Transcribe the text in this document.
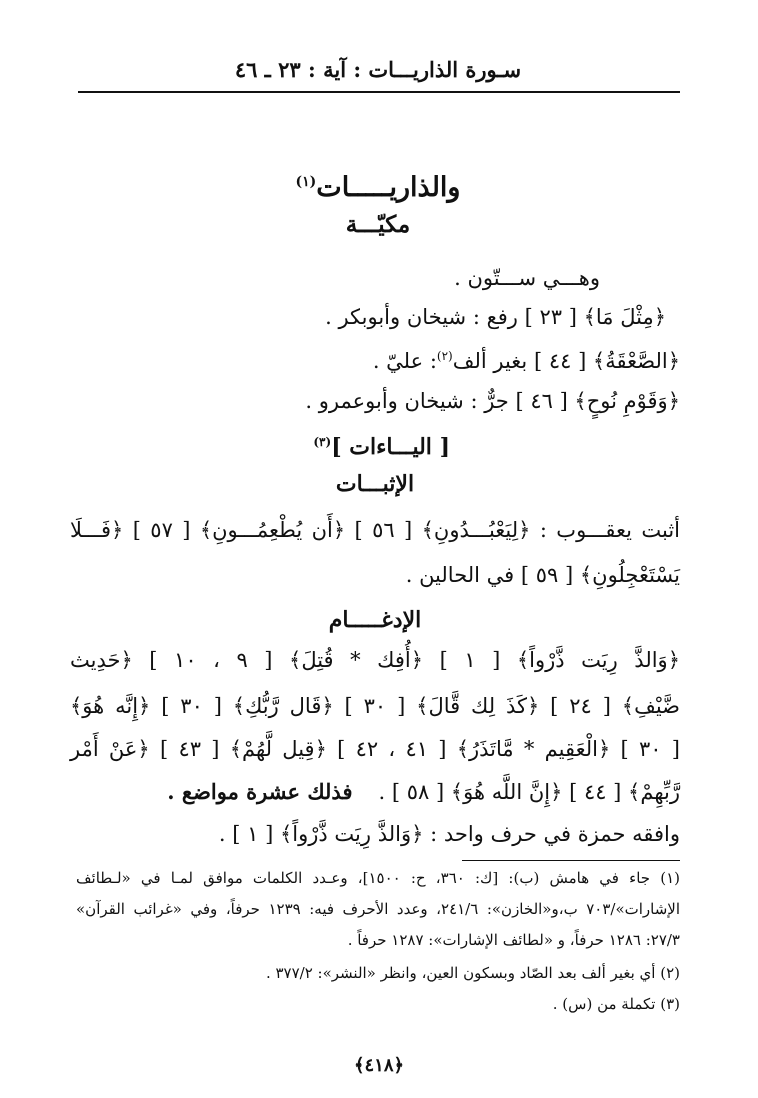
سـورة الذاريـــات : آية : ٢٣ ـ ٤٦
والذاريـــــات$^{(١)}$
مكيّـــة
وهـــي ســـتّون .
﴿مِثْلَ مَا﴾ [ ٢٣ ] رفع : شيخان وأبوبكر .
﴿الصَّعْقَةُ﴾ [ ٤٤ ] بغير ألف$^{(٢)}$: عليّ .
﴿وَقَوْمِ نُوحٍ﴾ [ ٤٦ ] جرٌّ : شيخان وأبوعمرو .
[ اليـــاءات ]$^{(٣)}$
الإثبـــات
أثبت يعقـــوب : ﴿لِيَعْبُـــدُونِ﴾ [ ٥٦ ] ﴿أَن يُطْعِمُـــونِ﴾ [ ٥٧ ] ﴿فَـــلَا
يَسْتَعْجِلُونِ﴾ [ ٥٩ ] في الحالين .
الإدغـــــام
﴿وَالذَّ رِيَت ذَّرْواً﴾ [ ١ ] ﴿أُفِك * قُتِلَ﴾ [ ٩ ، ١٠ ] ﴿حَدِيث
ضَّيْفِ﴾ [ ٢٤ ] ﴿كَذَ لِك قَّالَ﴾ [ ٣٠ ] ﴿قَال رَّبُّكِ﴾ [ ٣٠ ] ﴿إِنَّه هُوَ﴾
[ ٣٠ ] ﴿الْعَقِيم * مَّاتَذَرُ﴾ [ ٤١ ، ٤٢ ] ﴿قِيل لَّهُمْ﴾ [ ٤٣ ] ﴿عَنْ أَمْر
رَّبِّهِمْ﴾ [ ٤٤ ] ﴿إِنَّ اللَّه هُوَ﴾ [ ٥٨ ] .فذلك عشرة مواضع .
وافقه حمزة في حرف واحد : ﴿وَالذَّ رِيَت ذَّرْواً﴾ [ ١ ] .
(١) جاء في هامش (ب): [ك: ٣٦٠، ح: ١٥٠٠]، وعـدد الكلمات موافق لمـا في «لـطائف
الإشارات»/٧٠٣ ب،و«الخازن»: ٢٤١/٦، وعدد الأحرف فيه: ١٢٣٩ حرفاً، وفي «غرائب القرآن»
٢٧/٣: ١٢٨٦ حرفاً، و «لطائف الإشارات»: ١٢٨٧ حرفاً .
(٢) أي بغير ألف بعد الصّاد وبسكون العين، وانظر «النشر»: ٣٧٧/٢ .
(٣) تكملة من (س) .
﴿٤١٨﴾
